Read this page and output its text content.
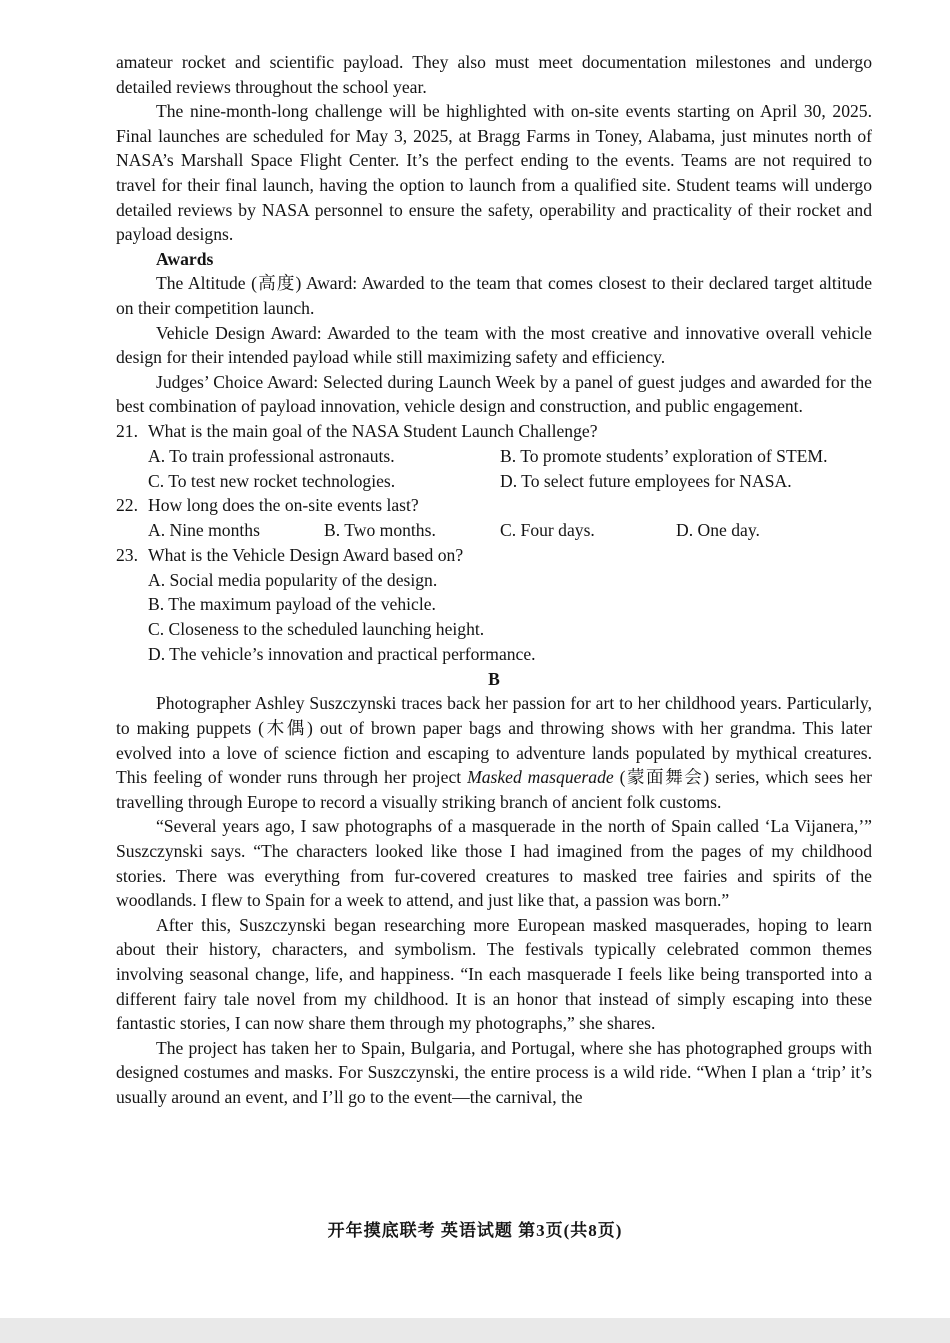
amateur rocket and scientific payload. They also must meet documentation milestones and undergo detailed reviews throughout the school year.

The nine-month-long challenge will be highlighted with on-site events starting on April 30, 2025. Final launches are scheduled for May 3, 2025, at Bragg Farms in Toney, Alabama, just minutes north of NASA’s Marshall Space Flight Center. It’s the perfect ending to the events. Teams are not required to travel for their final launch, having the option to launch from a qualified site. Student teams will undergo detailed reviews by NASA personnel to ensure the safety, operability and practicality of their rocket and payload designs.

Awards

The Altitude (高度) Award: Awarded to the team that comes closest to their declared target altitude on their competition launch.

Vehicle Design Award: Awarded to the team with the most creative and innovative overall vehicle design for their intended payload while still maximizing safety and efficiency.

Judges’ Choice Award: Selected during Launch Week by a panel of guest judges and awarded for the best combination of payload innovation, vehicle design and construction, and public engagement.

21. What is the main goal of the NASA Student Launch Challenge?
A. To train professional astronauts.	B. To promote students’ exploration of STEM.
C. To test new rocket technologies.	D. To select future employees for NASA.
22. How long does the on-site events last?
A. Nine months	B. Two months.	C. Four days.	D. One day.
23. What is the Vehicle Design Award based on?
A. Social media popularity of the design.
B. The maximum payload of the vehicle.
C. Closeness to the scheduled launching height.
D. The vehicle’s innovation and practical performance.

B

Photographer Ashley Suszczynski traces back her passion for art to her childhood years. Particularly, to making puppets (木偶) out of brown paper bags and throwing shows with her grandma. This later evolved into a love of science fiction and escaping to adventure lands populated by mythical creatures. This feeling of wonder runs through her project Masked masquerade (蒙面舞会) series, which sees her travelling through Europe to record a visually striking branch of ancient folk customs.

“Several years ago, I saw photographs of a masquerade in the north of Spain called ‘La Vijanera,’” Suszczynski says. “The characters looked like those I had imagined from the pages of my childhood stories. There was everything from fur-covered creatures to masked tree fairies and spirits of the woodlands. I flew to Spain for a week to attend, and just like that, a passion was born.”

After this, Suszczynski began researching more European masked masquerades, hoping to learn about their history, characters, and symbolism. The festivals typically celebrated common themes involving seasonal change, life, and happiness. “In each masquerade I feels like being transported into a different fairy tale novel from my childhood. It is an honor that instead of simply escaping into these fantastic stories, I can now share them through my photographs,” she shares.

The project has taken her to Spain, Bulgaria, and Portugal, where she has photographed groups with designed costumes and masks. For Suszczynski, the entire process is a wild ride. “When I plan a ‘trip’ it’s usually around an event, and I’ll go to the event—the carnival, the

开年摸底联考 英语试题 第3页(共8页)
